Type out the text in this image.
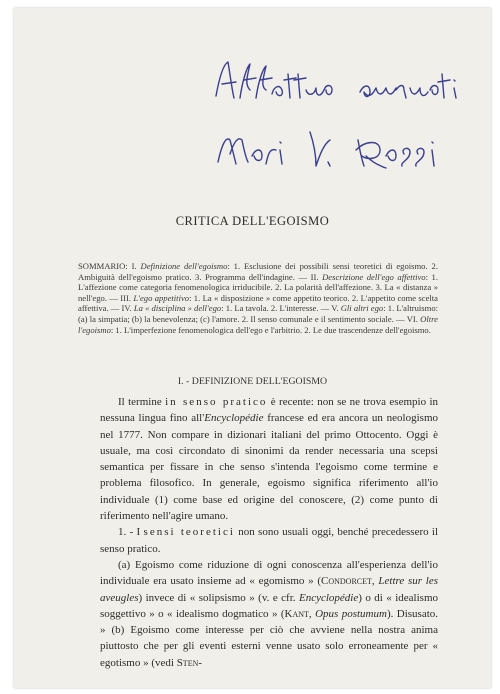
CRITICA DELL'EGOISMO
SOMMARIO: I. Definizione dell'egoismo: 1. Esclusione dei possibili sensi teoretici di egoismo. 2. Ambiguità dell'egoismo pratico. 3. Programma dell'indagine. — II. Descrizione dell'ego affettivo: 1. L'affezione come categoria fenomenologica irriducibile. 2. La polarità dell'affezione. 3. La « distanza » nell'ego. — III. L'ego appetitivo: 1. La « disposizione » come appetito teorico. 2. L'appetito come scelta affettiva. — IV. La « disciplina » dell'ego: 1. La tavola. 2. L'interesse. — V. Gli altri ego: 1. L'altruismo: (a) la simpatia; (b) la benevolenza; (c) l'amore. 2. Il senso comunale e il sentimento sociale. — VI. Oltre l'egoismo: 1. L'imperfezione fenomenologica dell'ego e l'arbitrio. 2. Le due trascendenze dell'egoismo.
I. - DEFINIZIONE DELL'EGOISMO

Il termine in senso pratico è recente: non se ne trova esempio in nessuna lingua fino all'Encyclopédie francese ed era ancora un neologismo nel 1777. Non compare in dizionari italiani del primo Ottocento. Oggi è usuale, ma così circondato di sinonimi da render necessaria una scepsi semantica per fissare in che senso s'intenda l'egoismo come termine e problema filosofico. In generale, egoismo significa riferimento all'io individuale (1) come base ed origine del conoscere, (2) come punto di riferimento nell'agire umano.

1. - I sensi teoretici non sono usuali oggi, benché precedessero il senso pratico.

(a) Egoismo come riduzione di ogni conoscenza all'esperienza dell'io individuale era usato insieme ad « egomismo » (Condorcet, Lettre sur les aveugles) invece di « solipsismo » (v. e cfr. Encyclopédie) o di « idealismo soggettivo » o « idealismo dogmatico » (Kant, Opus postumum). Disusato. » (b) Egoismo come interesse per ciò che avviene nella nostra anima piuttosto che per gli eventi esterni venne usato solo erroneamente per « egotismo » (vedi Sten-
